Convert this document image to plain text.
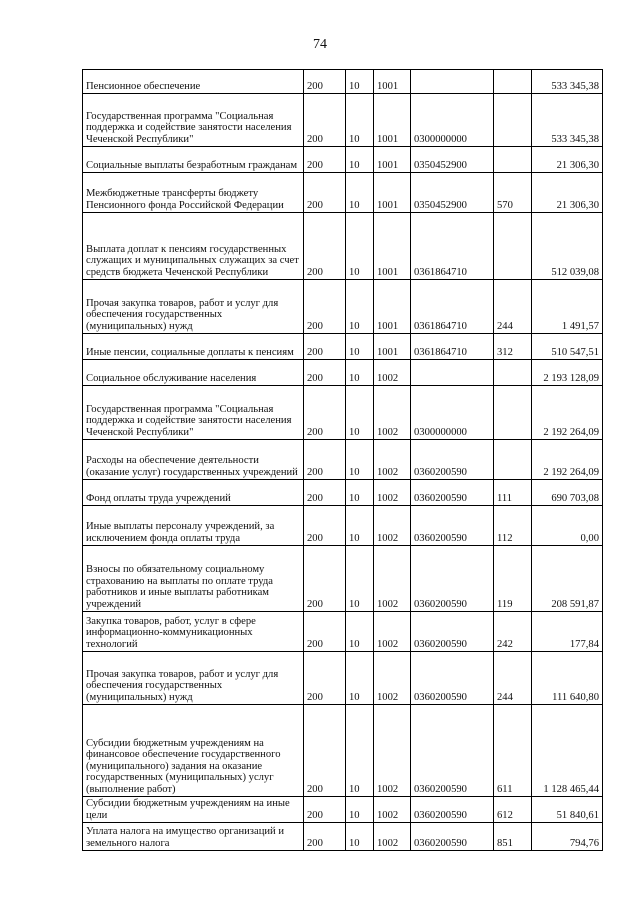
74
Пенсионное обеспечение	200	10	1001			533 345,38
Государственная программа "Социальная поддержка и содействие занятости населения Чеченской Республики"	200	10	1001	0300000000		533 345,38
Социальные выплаты безработным гражданам	200	10	1001	0350452900		21 306,30
Межбюджетные трансферты бюджету Пенсионного фонда Российской Федерации	200	10	1001	0350452900	570	21 306,30
Выплата доплат к пенсиям государственных служащих и муниципальных служащих за счет средств бюджета Чеченской Республики	200	10	1001	0361864710		512 039,08
Прочая закупка товаров, работ и услуг для обеспечения государственных (муниципальных) нужд	200	10	1001	0361864710	244	1 491,57
Иные пенсии, социальные доплаты к пенсиям	200	10	1001	0361864710	312	510 547,51
Социальное обслуживание населения	200	10	1002			2 193 128,09
Государственная программа "Социальная поддержка и содействие занятости населения Чеченской Республики"	200	10	1002	0300000000		2 192 264,09
Расходы на обеспечение деятельности (оказание услуг) государственных учреждений	200	10	1002	0360200590		2 192 264,09
Фонд оплаты труда учреждений	200	10	1002	0360200590	111	690 703,08
Иные выплаты персоналу учреждений, за исключением фонда оплаты труда	200	10	1002	0360200590	112	0,00
Взносы по обязательному социальному страхованию на выплаты по оплате труда работников и иные выплаты работникам учреждений	200	10	1002	0360200590	119	208 591,87
Закупка товаров, работ, услуг в сфере информационно-коммуникационных технологий	200	10	1002	0360200590	242	177,84
Прочая закупка товаров, работ и услуг для обеспечения государственных (муниципальных) нужд	200	10	1002	0360200590	244	111 640,80
Субсидии бюджетным учреждениям на финансовое обеспечение государственного (муниципального) задания на оказание государственных (муниципальных) услуг (выполнение работ)	200	10	1002	0360200590	611	1 128 465,44
Субсидии бюджетным учреждениям на иные цели	200	10	1002	0360200590	612	51 840,61
Уплата налога на имущество организаций и земельного налога	200	10	1002	0360200590	851	794,76
